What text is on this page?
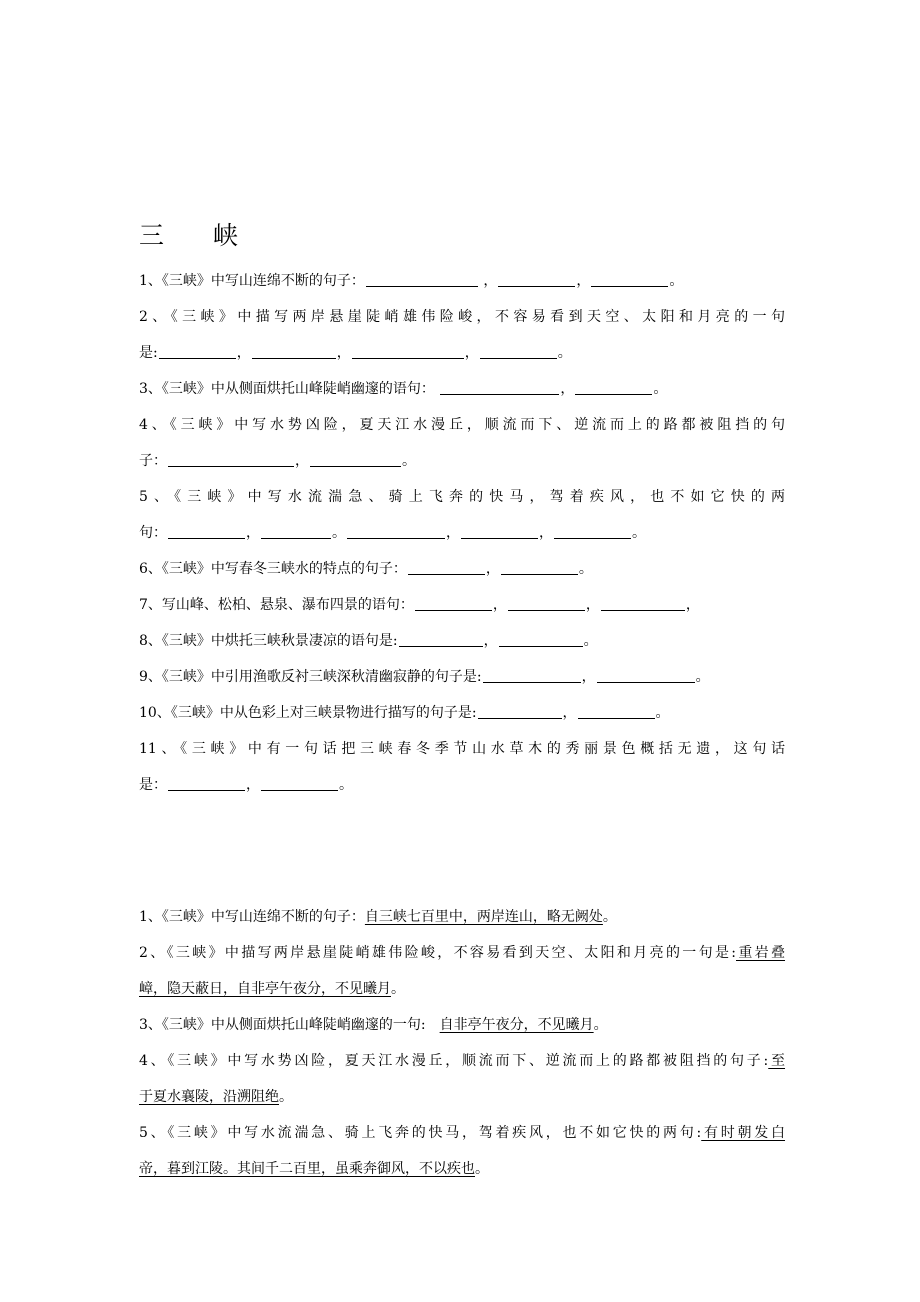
三　峡
1、《三峡》中写山连绵不断的句子：	，	，	。
2、《三峡》中描写两岸悬崖陡峭雄伟险峻，不容易看到天空、太阳和月亮的一句
是:	，	，	，	。
3、《三峡》中从侧面烘托山峰陡峭幽邃的语句：	，	。
4、《三峡》中写水势凶险，夏天江水漫丘，顺流而下、逆流而上的路都被阻挡的句
子：	，	。
5、《三峡》中写水流湍急、骑上飞奔的快马，驾着疾风，也不如它快的两
句：	，	。	，	，	。
6、《三峡》中写春冬三峡水的特点的句子：	，	。
7、写山峰、松柏、悬泉、瀑布四景的语句：	，	，	，
8、《三峡》中烘托三峡秋景凄凉的语句是:	，	。
9、《三峡》中引用渔歌反衬三峡深秋清幽寂静的句子是:	，	。
10、《三峡》中从色彩上对三峡景物进行描写的句子是:	，	。
11、《三峡》中有一句话把三峡春冬季节山水草木的秀丽景色概括无遗，这句话
是：	，	。
1、《三峡》中写山连绵不断的句子：自三峡七百里中，两岸连山，略无阙处。
2、《三峡》中描写两岸悬崖陡峭雄伟险峻，不容易看到天空、太阳和月亮的一句是:重岩叠
嶂，隐天蔽日，自非亭午夜分，不见曦月。
3、《三峡》中从侧面烘托山峰陡峭幽邃的一句:　自非亭午夜分，不见曦月。
4、《三峡》中写水势凶险，夏天江水漫丘，顺流而下、逆流而上的路都被阻挡的句子:至
于夏水襄陵，沿溯阻绝。
5、《三峡》中写水流湍急、骑上飞奔的快马，驾着疾风，也不如它快的两句:有时朝发白
帝，暮到江陵。其间千二百里，虽乘奔御风，不以疾也。
